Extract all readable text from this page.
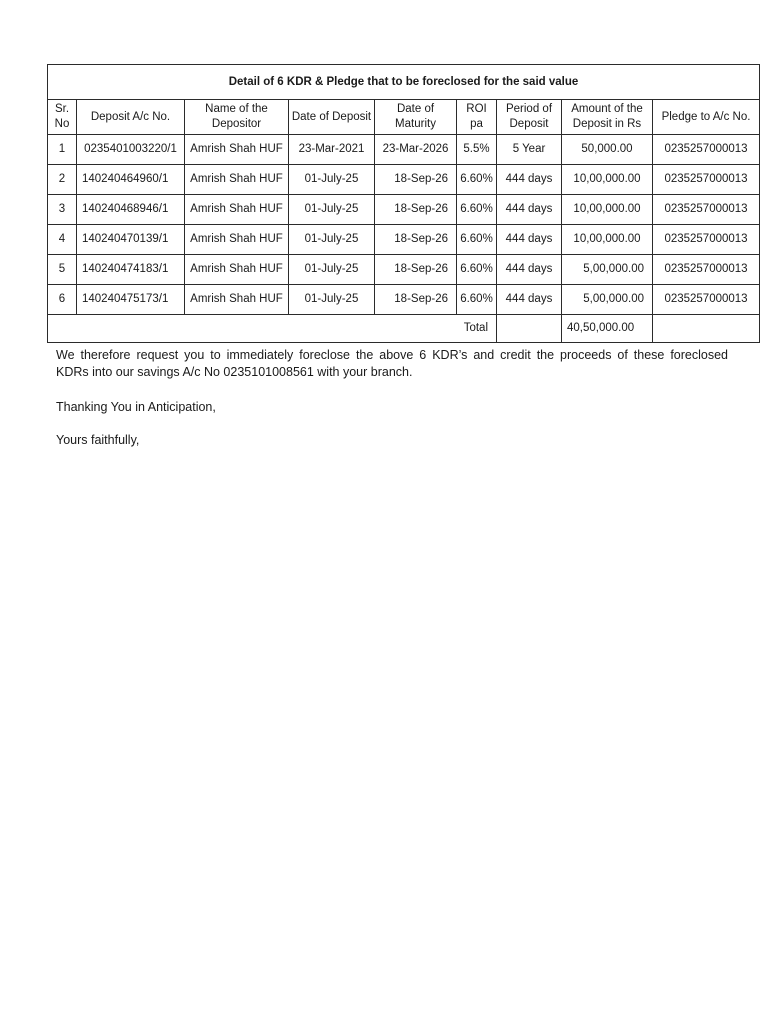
Detail of 6 KDR & Pledge that to be foreclosed for the said value								
Sr. No	Deposit A/c No.	Name of the Depositor	Date of Deposit	Date of Maturity	ROI pa	Period of Deposit	Amount of the Deposit in Rs	Pledge to A/c No.
1	0235401003220/1	Amrish Shah HUF	23-Mar-2021	23-Mar-2026	5.5%	5 Year	50,000.00	0235257000013
2	140240464960/1	Amrish Shah HUF	01-July-25	18-Sep-26	6.60%	444 days	10,00,000.00	0235257000013
3	140240468946/1	Amrish Shah HUF	01-July-25	18-Sep-26	6.60%	444 days	10,00,000.00	0235257000013
4	140240470139/1	Amrish Shah HUF	01-July-25	18-Sep-26	6.60%	444 days	10,00,000.00	0235257000013
5	140240474183/1	Amrish Shah HUF	01-July-25	18-Sep-26	6.60%	444 days	5,00,000.00	0235257000013
6	140240475173/1	Amrish Shah HUF	01-July-25	18-Sep-26	6.60%	444 days	5,00,000.00	0235257000013
Total							40,50,000.00	

We therefore request you to immediately foreclose the above 6 KDR’s and credit the proceeds of these foreclosed

KDRs into our savings A/c No 0235101008561 with your branch.

Thanking You in Anticipation,
Yours faithfully,
